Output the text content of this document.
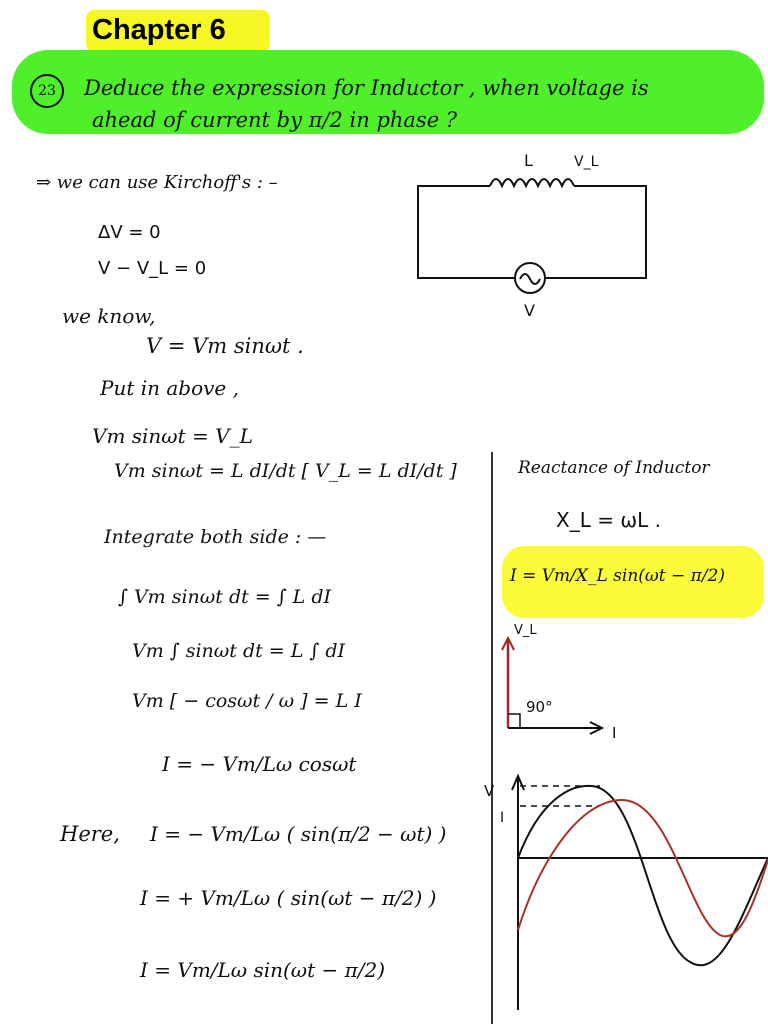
Chapter 6
23	Deduce the expression for Inductor , when voltage is
ahead of current by π/2 in phase ?
⇒ we can use Kirchoff's : –
ΔV = 0
V − V_L = 0
we know,
V = Vm sinωt .
Put in above ,
Vm sinωt = V_L
Vm sinωt = L dI/dt [ V_L = L dI/dt ]
Integrate both side : —
∫ Vm sinωt dt = ∫ L dI
Vm ∫ sinωt dt = L ∫ dI
Vm [ − cosωt / ω ] = L I
I = − Vm/Lω cosωt
Here, I = − Vm/Lω ( sin(π/2 − ωt) )
I = + Vm/Lω ( sin(ωt − π/2) )
I = Vm/Lω sin(ωt − π/2)
Reactance of Inductor
X_L = ωL .
I = Vm/X_L sin(ωt − π/2)
L	V_L
V
V_L
90°
I
V
I
